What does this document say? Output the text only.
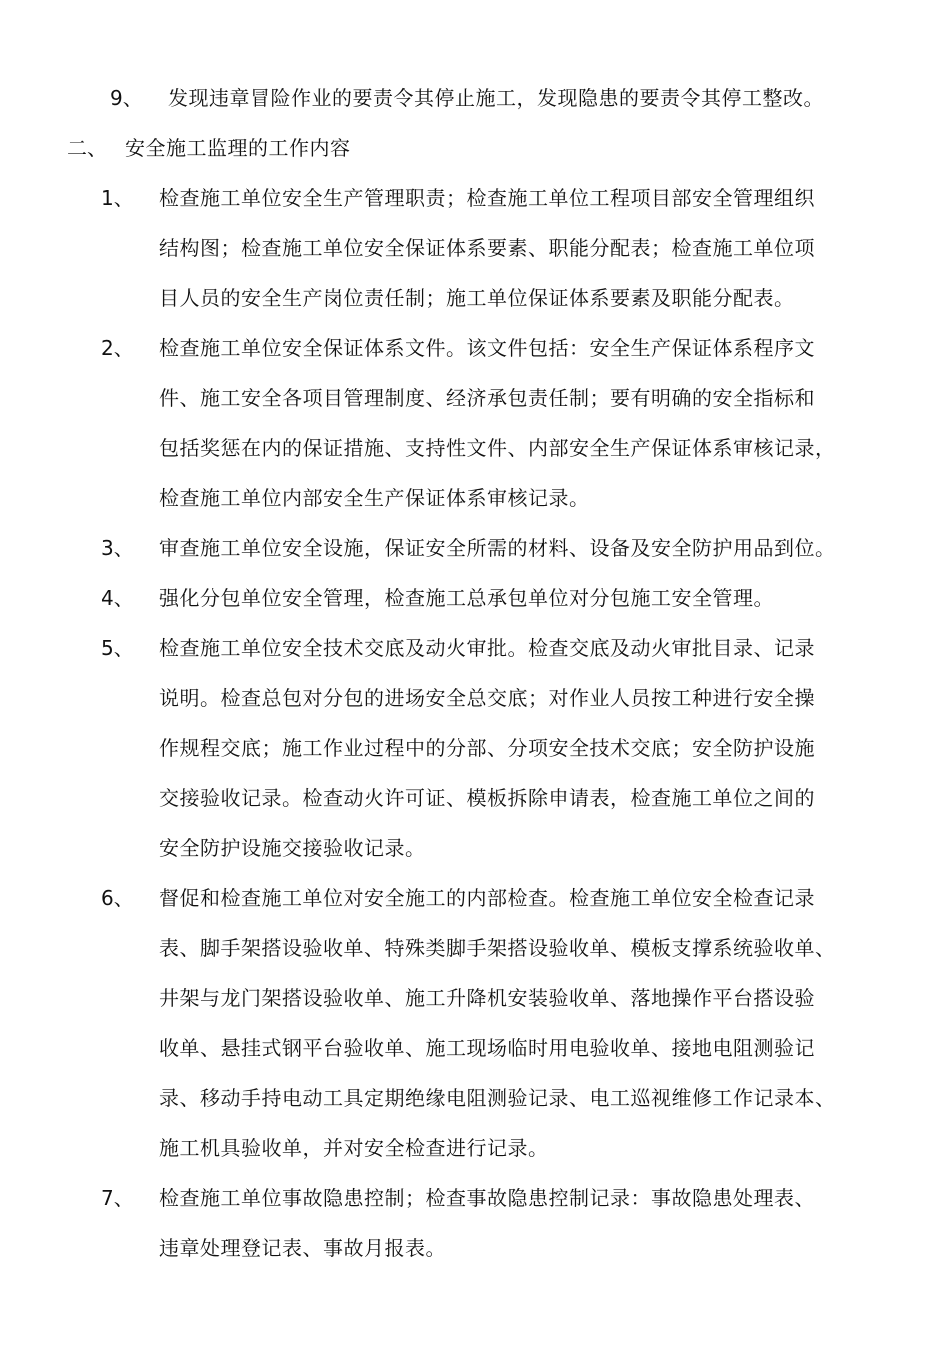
9、 发现违章冒险作业的要责令其停止施工，发现隐患的要责令其停工整改。
二、 安全施工监理的工作内容
1、 检查施工单位安全生产管理职责；检查施工单位工程项目部安全管理组织
结构图；检查施工单位安全保证体系要素、职能分配表；检查施工单位项
目人员的安全生产岗位责任制；施工单位保证体系要素及职能分配表。
2、 检查施工单位安全保证体系文件。该文件包括：安全生产保证体系程序文
件、施工安全各项目管理制度、经济承包责任制；要有明确的安全指标和
包括奖惩在内的保证措施、支持性文件、内部安全生产保证体系审核记录，
检查施工单位内部安全生产保证体系审核记录。
3、 审查施工单位安全设施，保证安全所需的材料、设备及安全防护用品到位。
4、 强化分包单位安全管理，检查施工总承包单位对分包施工安全管理。
5、 检查施工单位安全技术交底及动火审批。检查交底及动火审批目录、记录
说明。检查总包对分包的进场安全总交底；对作业人员按工种进行安全操
作规程交底；施工作业过程中的分部、分项安全技术交底；安全防护设施
交接验收记录。检查动火许可证、模板拆除申请表，检查施工单位之间的
安全防护设施交接验收记录。
6、 督促和检查施工单位对安全施工的内部检查。检查施工单位安全检查记录
表、脚手架搭设验收单、特殊类脚手架搭设验收单、模板支撑系统验收单、
井架与龙门架搭设验收单、施工升降机安装验收单、落地操作平台搭设验
收单、悬挂式钢平台验收单、施工现场临时用电验收单、接地电阻测验记
录、移动手持电动工具定期绝缘电阻测验记录、电工巡视维修工作记录本、
施工机具验收单，并对安全检查进行记录。
7、 检查施工单位事故隐患控制；检查事故隐患控制记录：事故隐患处理表、
违章处理登记表、事故月报表。
